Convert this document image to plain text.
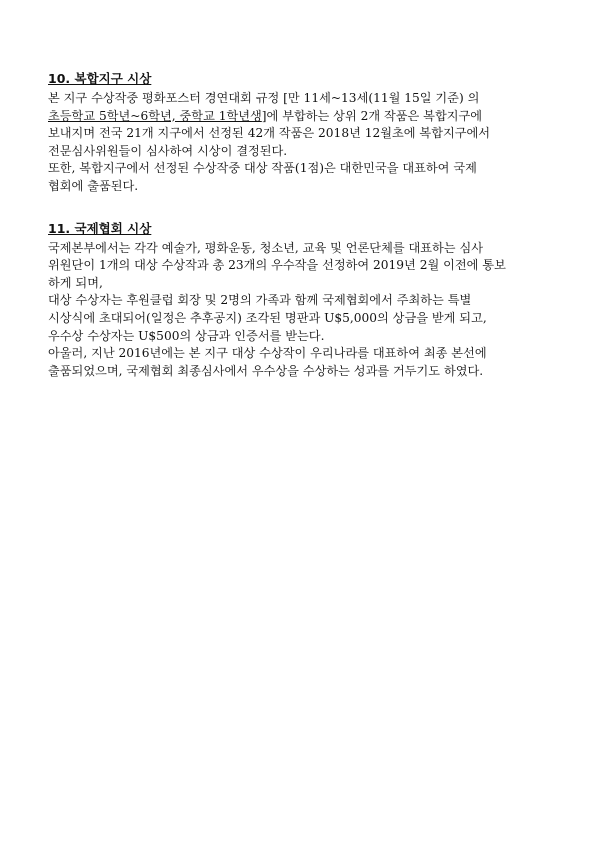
10. 복합지구 시상
본 지구 수상작중 평화포스터 경연대회 규정 [만 11세~13세(11월 15일 기준) 의
초등학교 5학년~6학년, 중학교 1학년생]에 부합하는 상위 2개 작품은 복합지구에
보내지며 전국 21개 지구에서 선정된 42개 작품은 2018년 12월초에 복합지구에서
전문심사위원들이 심사하여 시상이 결정된다.
또한, 복합지구에서 선정된 수상작중 대상 작품(1점)은 대한민국을 대표하여 국제
협회에 출품된다.
11. 국제협회 시상
국제본부에서는 각각 예술가, 평화운동, 청소년, 교육 및 언론단체를 대표하는 심사
위원단이 1개의 대상 수상작과 총 23개의 우수작을 선정하여 2019년 2월 이전에 통보
하게 되며,
대상 수상자는 후원클럽 회장 및 2명의 가족과 함께 국제협회에서 주최하는 특별
시상식에 초대되어(일정은 추후공지) 조각된 명판과 U$5,000의 상금을 받게 되고,
우수상 수상자는 U$500의 상금과 인증서를 받는다.
아울러, 지난 2016년에는 본 지구 대상 수상작이 우리나라를 대표하여 최종 본선에
출품되었으며, 국제협회 최종심사에서 우수상을 수상하는 성과를 거두기도 하였다.
